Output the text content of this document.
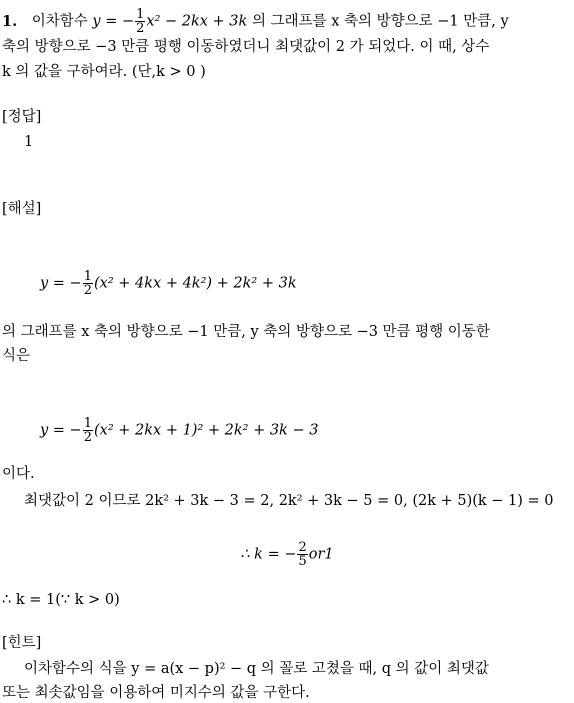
1. 이차함수 y = − $\frac{1}{2} x^2 - 2kx + 3k$ 의 그래프를 x 축의 방향으로 −1 만큼, y
축의 방향으로 −3 만큼 평행 이동하였더니 최댓값이 2 가 되었다. 이 때, 상수
k 의 값을 구하여라. (단,k > 0 )
[정답]
1
[해설]
y = − $\frac{1}{2} (x^2 + 4kx + 4k^2) + 2k^2 + 3k$
의 그래프를 x 축의 방향으로 −1 만큼, y 축의 방향으로 −3 만큼 평행 이동한
식은
y = − $\frac{1}{2} (x^2 + 2kx + 1)^2 + 2k^2 + 3k - 3$
이다.
최댓값이 2 이므로 2k² + 3k − 3 = 2, 2k² + 3k − 5 = 0, (2k + 5)(k − 1) = 0
∴ k = − $\frac{2}{5} or1$
∴ k = 1(∵ k > 0)
[힌트]
이차함수의 식을 y = a(x − p)² − q 의 꼴로 고쳤을 때, q 의 값이 최댓값
또는 최솟값임을 이용하여 미지수의 값을 구한다.
